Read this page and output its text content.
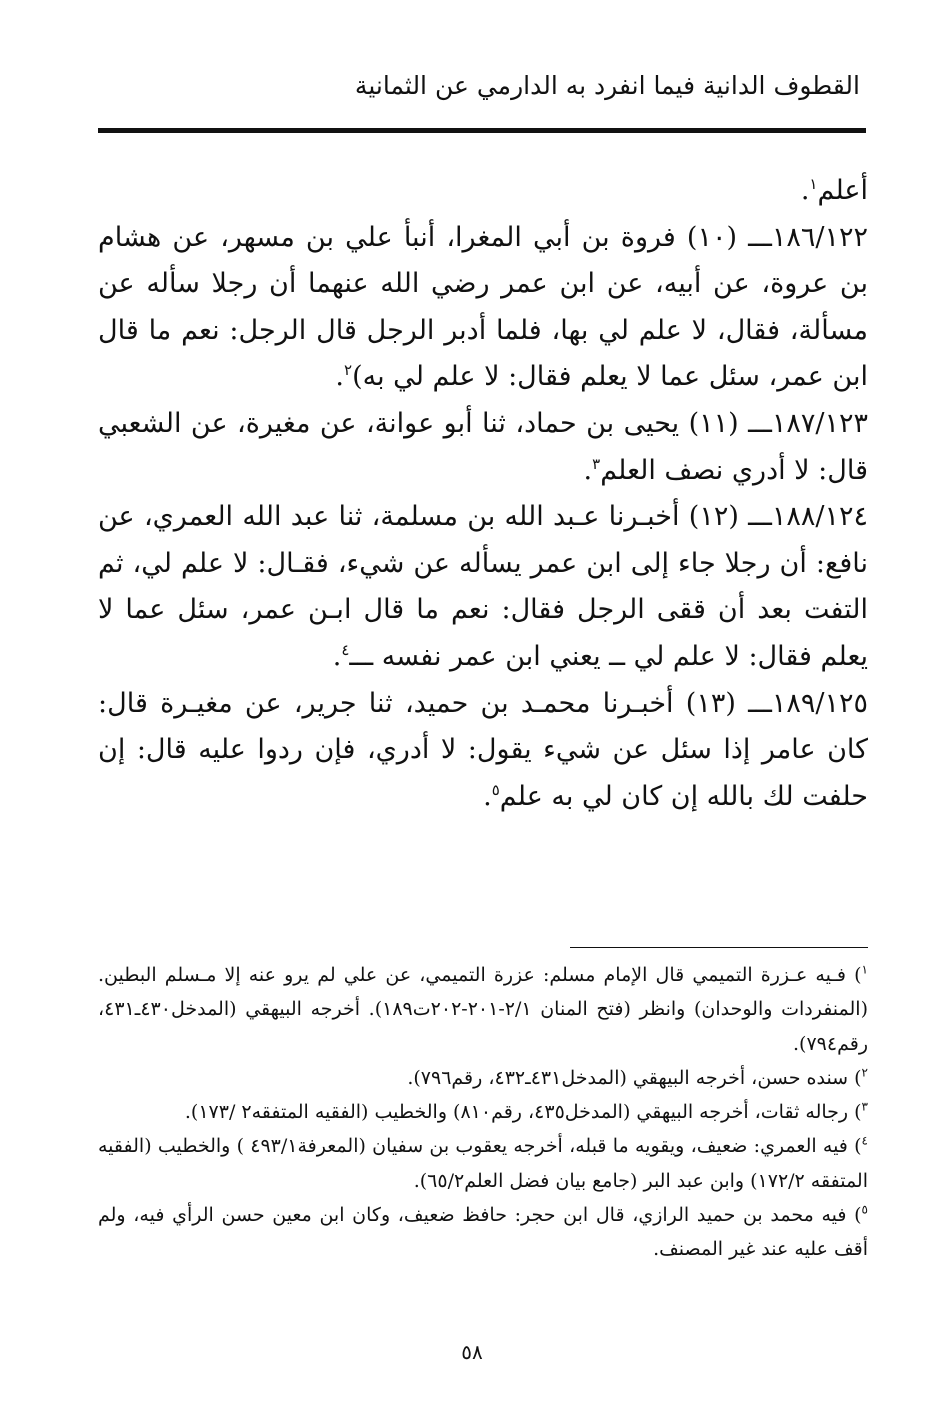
القطوف الدانية فيما انفرد به الدارمي عن الثمانية

أعلم$^١$.

١٨٦/١٢٢ـــ (١٠) فروة بن أبي المغرا، أنبأ علي بن مسهر، عن هشام بن عروة، عن أبيه، عن ابن عمر رضي الله عنهما أن رجلا سأله عن مسألة، فقال، لا علم لي بها، فلما أدبر الرجل قال الرجل: نعم ما قال ابن عمر، سئل عما لا يعلم فقال: لا علم لي به)$^٢$.

١٨٧/١٢٣ـــ (١١) يحيى بن حماد، ثنا أبو عوانة، عن مغيرة، عن الشعبي قال: لا أدري نصف العلم$^٣$.

١٨٨/١٢٤ـــ (١٢) أخبـرنا عـبد الله بن مسلمة، ثنا عبد الله العمري، عن نافع: أن رجلا جاء إلى ابن عمر يسأله عن شيء، فقـال: لا علم لي، ثم التفت بعد أن ققى الرجل فقال: نعم ما قال ابـن عمر، سئل عما لا يعلم فقال: لا علم لي ــ يعني ابن عمر نفسه ـــ$^٤$.

١٨٩/١٢٥ـــ (١٣) أخبـرنا محمـد بن حميد، ثنا جرير، عن مغيـرة قال: كان عامر إذا سئل عن شيء يقول: لا أدري، فإن ردوا عليه قال: إن حلفت لك بالله إن كان لي به علم$^٥$.

$^١$) فـيه عـزرة التميمي قال الإمام مسلم: عزرة التميمي، عن علي لم يرو عنه إلا مـسلم البطين. (المنفردات والوحدان) وانظر (فتح المنان ٢/١-٢٠١-٢٠٢ت١٨٩). أخرجه البيهقي (المدخل٤٣٠ـ٤٣١، رقم٧٩٤).

$^٢$) سنده حسن، أخرجه البيهقي (المدخل٤٣١ـ٤٣٢، رقم٧٩٦).

$^٣$) رجاله ثقات، أخرجه البيهقي (المدخل٤٣٥، رقم٨١٠) والخطيب (الفقيه المتفقه٢ /١٧٣).

$^٤$) فيه العمري: ضعيف، ويقويه ما قبله، أخرجه يعقوب بن سفيان (المعرفة٤٩٣/١ ) والخطيب (الفقيه المتفقه ١٧٢/٢) وابن عبد البر (جامع بيان فضل العلم٦٥/٢).

$^٥$) فيه محمد بن حميد الرازي، قال ابن حجر: حافظ ضعيف، وكان ابن معين حسن الرأي فيه، ولم أقف عليه عند غير المصنف.

٥٨
